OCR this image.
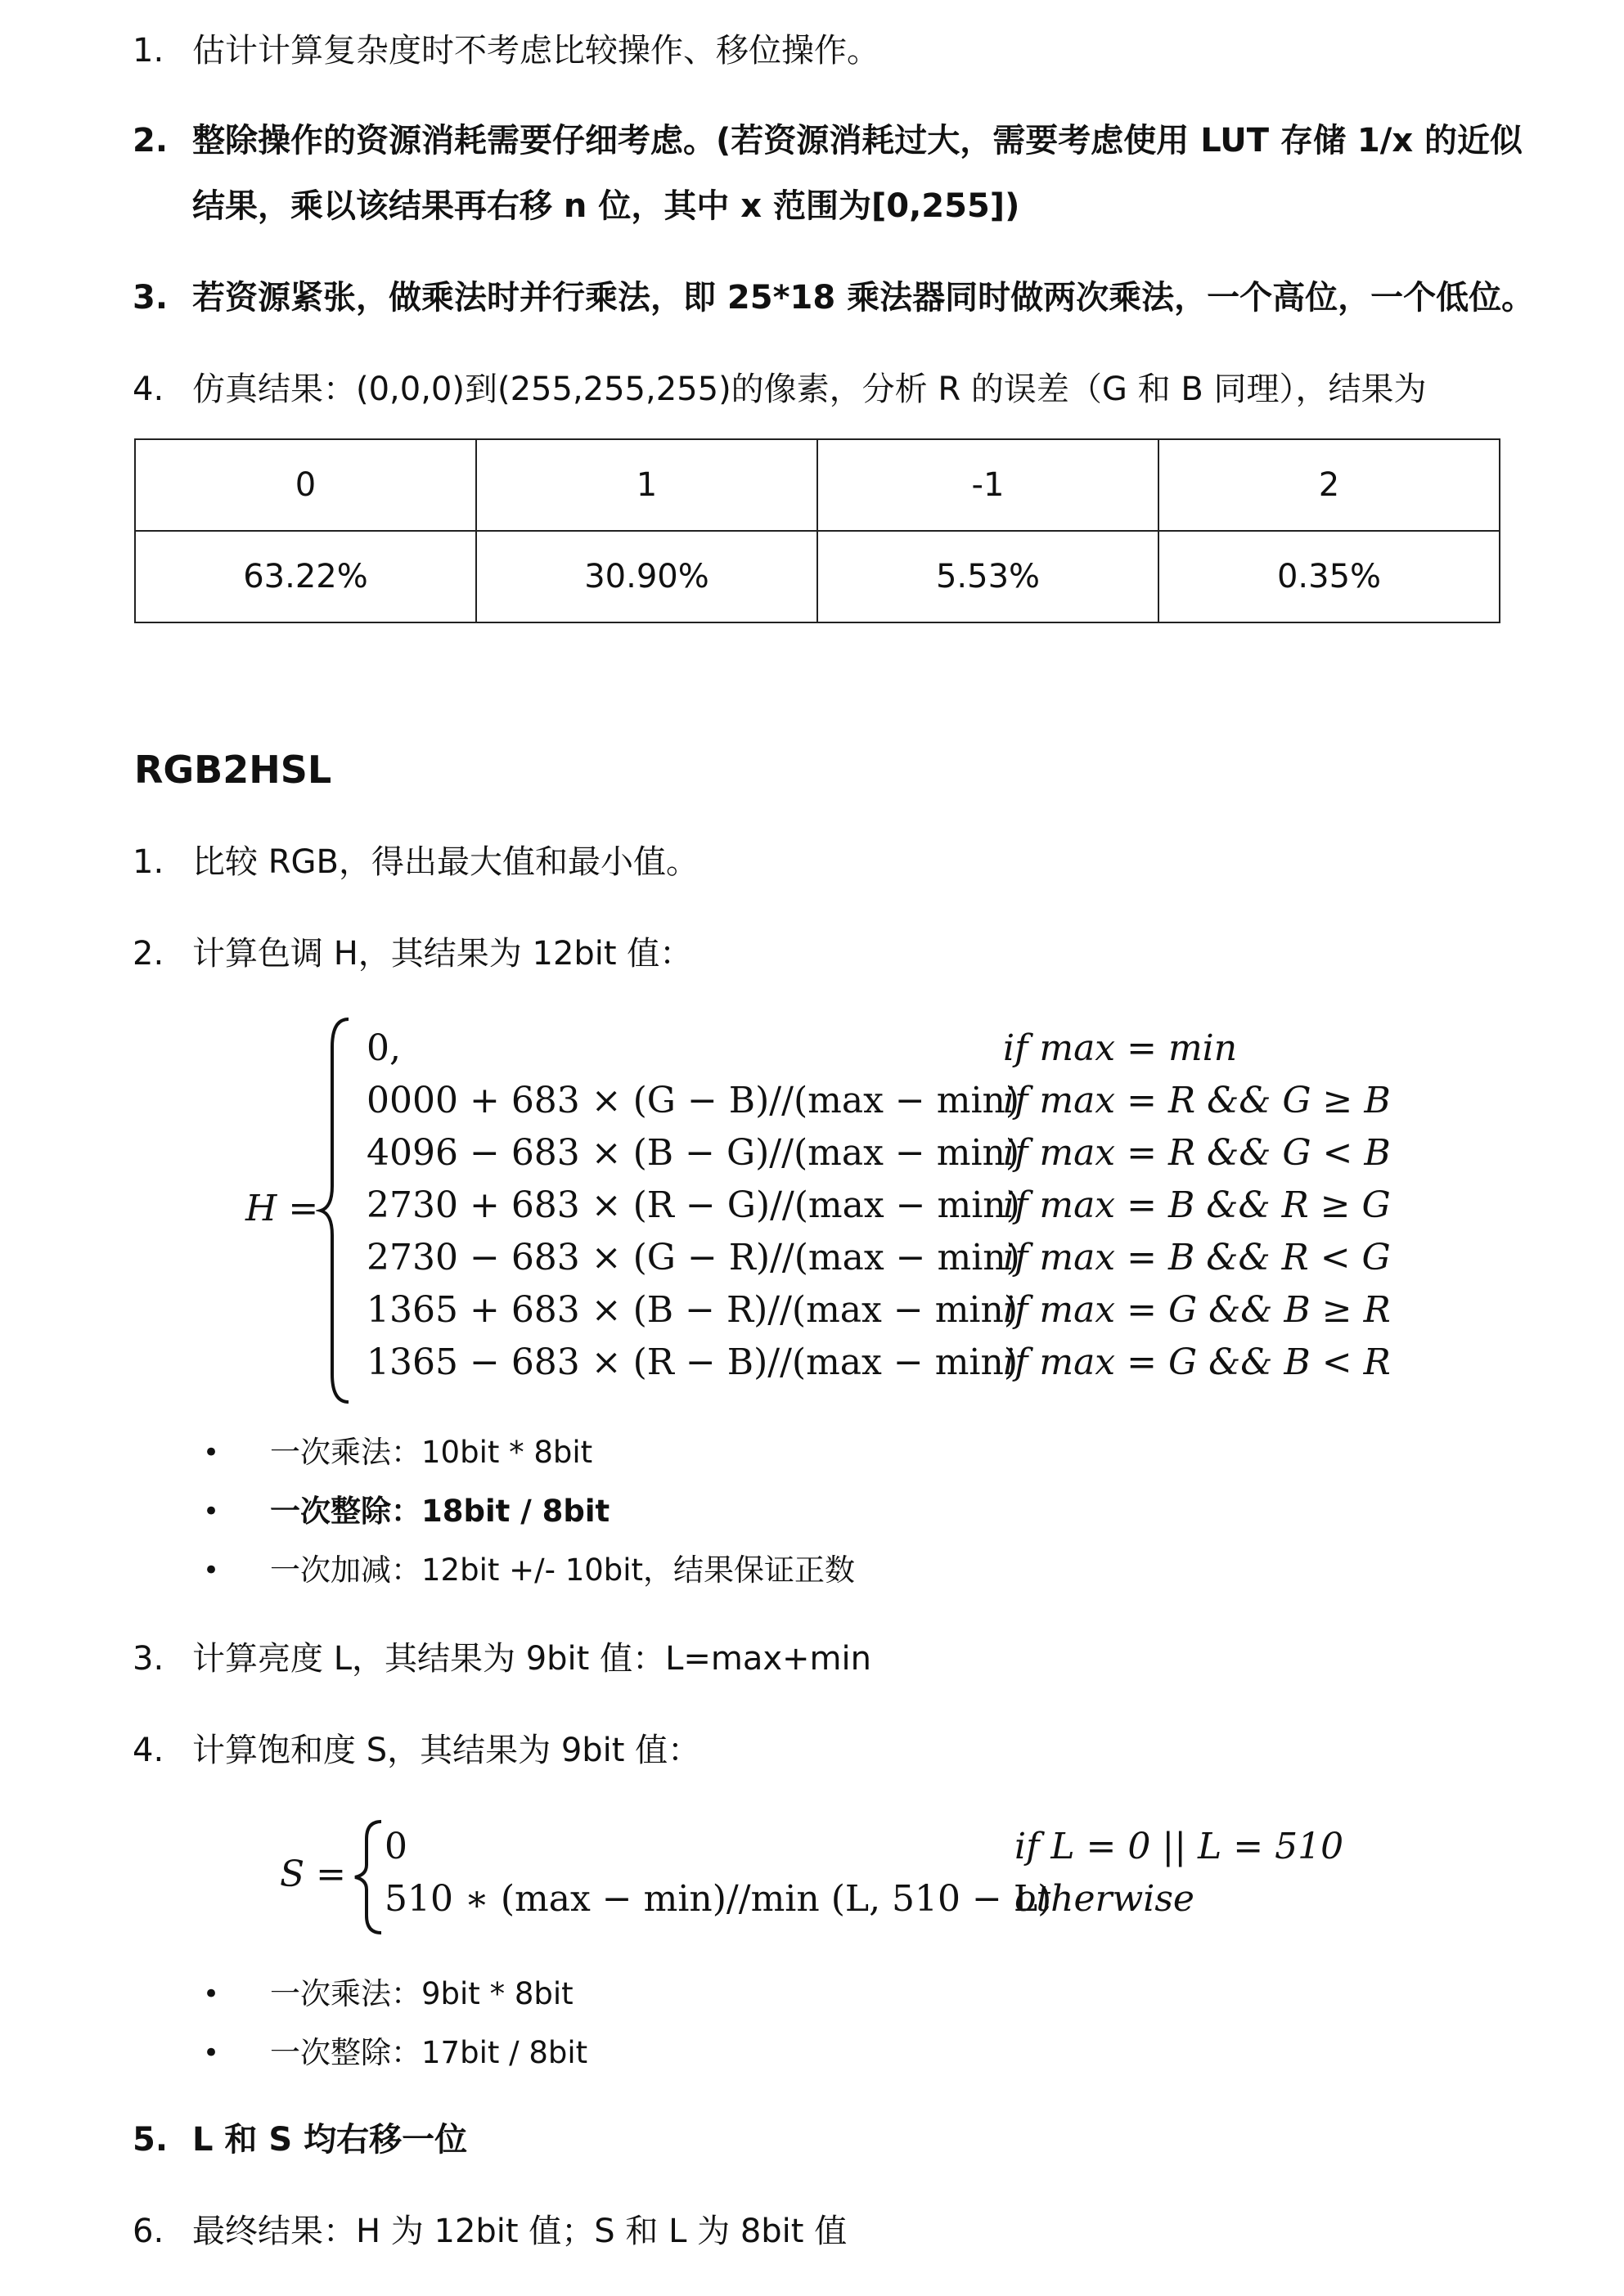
1. 估计计算复杂度时不考虑比较操作、移位操作。
2. 整除操作的资源消耗需要仔细考虑。(若资源消耗过大，需要考虑使用 LUT 存储 1/x 的近似
结果，乘以该结果再右移 n 位，其中 x 范围为[0,255])
3. 若资源紧张，做乘法时并行乘法，即 25*18 乘法器同时做两次乘法，一个高位，一个低位。
4. 仿真结果：(0,0,0)到(255,255,255)的像素，分析 R 的误差（G 和 B 同理），结果为
0	1	-1	2
63.22%	30.90%	5.53%	0.35%
RGB2HSL
1. 比较 RGB，得出最大值和最小值。
2. 计算色调 H，其结果为 12bit 值：
H =
0,	if max = min
0000 + 683 × (G − B)//(max − min)
if max = R && G ≥ B
4096 − 683 × (B − G)//(max − min)
if max = R && G < B
2730 + 683 × (R − G)//(max − min)
if max = B && R ≥ G
2730 − 683 × (G − R)//(max − min)
if max = B && R < G
1365 + 683 × (B − R)//(max − min)
if max = G && B ≥ R
1365 − 683 × (R − B)//(max − min)
if max = G && B < R
• 一次乘法：10bit * 8bit
• 一次整除：18bit / 8bit
• 一次加减：12bit +/- 10bit，结果保证正数
3. 计算亮度 L，其结果为 9bit 值：L=max+min
4. 计算饱和度 S，其结果为 9bit 值：
S =
0	if L = 0 || L = 510
510 ∗ (max − min)//min (L, 510 − L)
otherwise
• 一次乘法：9bit * 8bit
• 一次整除：17bit / 8bit
5. L 和 S 均右移一位
6. 最终结果：H 为 12bit 值；S 和 L 为 8bit 值
